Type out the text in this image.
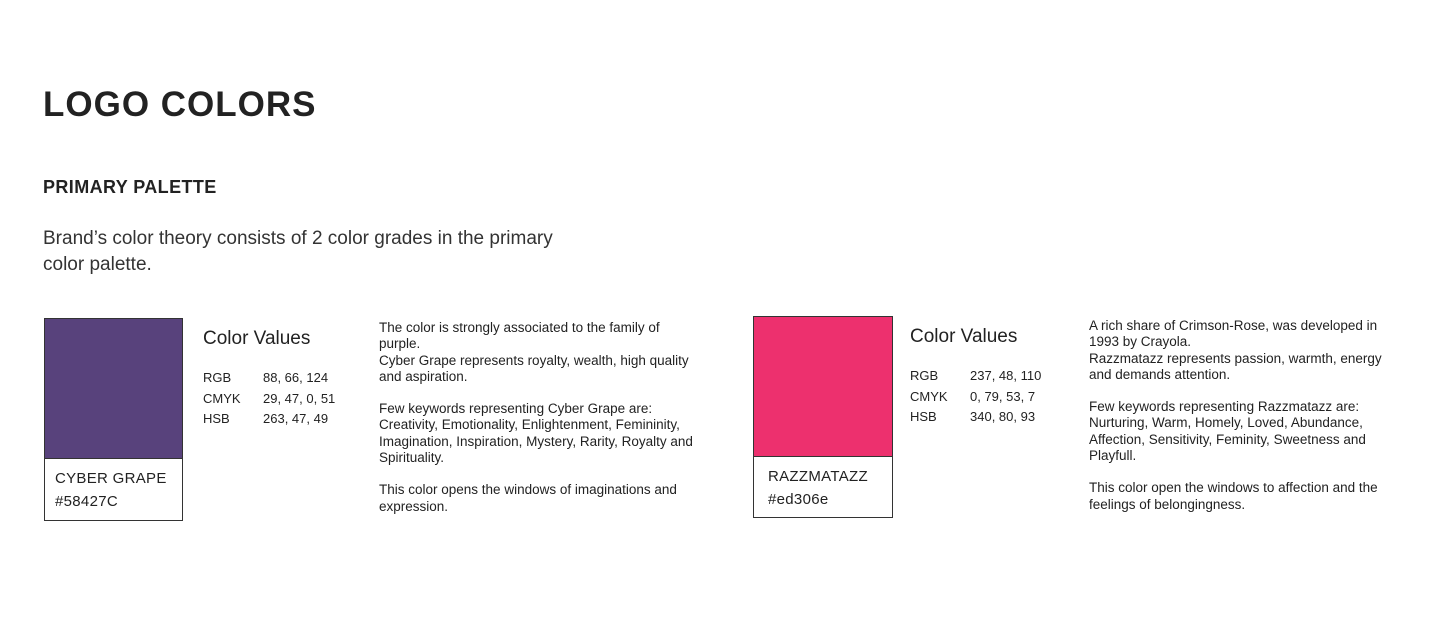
LOGO COLORS
PRIMARY PALETTE

Brand’s color theory consists of 2 color grades in the primary color palette.

CYBER GRAPE
#58427C
Color Values
RGB	88, 66, 124
CMYK	29, 47, 0, 51
HSB	263, 47, 49

The color is strongly associated to the family of purple.

Cyber Grape represents royalty, wealth, high quality and aspiration.

Few keywords representing Cyber Grape are: Creativity, Emotionality, Enlightenment, Femininity, Imagination, Inspiration, Mystery, Rarity, Royalty and Spirituality.

This color opens the windows of imaginations and expression.

RAZZMATAZZ
#ed306e
Color Values
RGB	237, 48, 110
CMYK	0, 79, 53, 7
HSB	340, 80, 93

A rich share of Crimson-Rose, was developed in 1993 by Crayola.

Razzmatazz represents passion, warmth, energy and demands attention.

Few keywords representing Razzmatazz are: Nurturing, Warm, Homely, Loved, Abundance, Affection, Sensitivity, Feminity, Sweetness and Playfull.

This color open the windows to affection and the feelings of belongingness.
